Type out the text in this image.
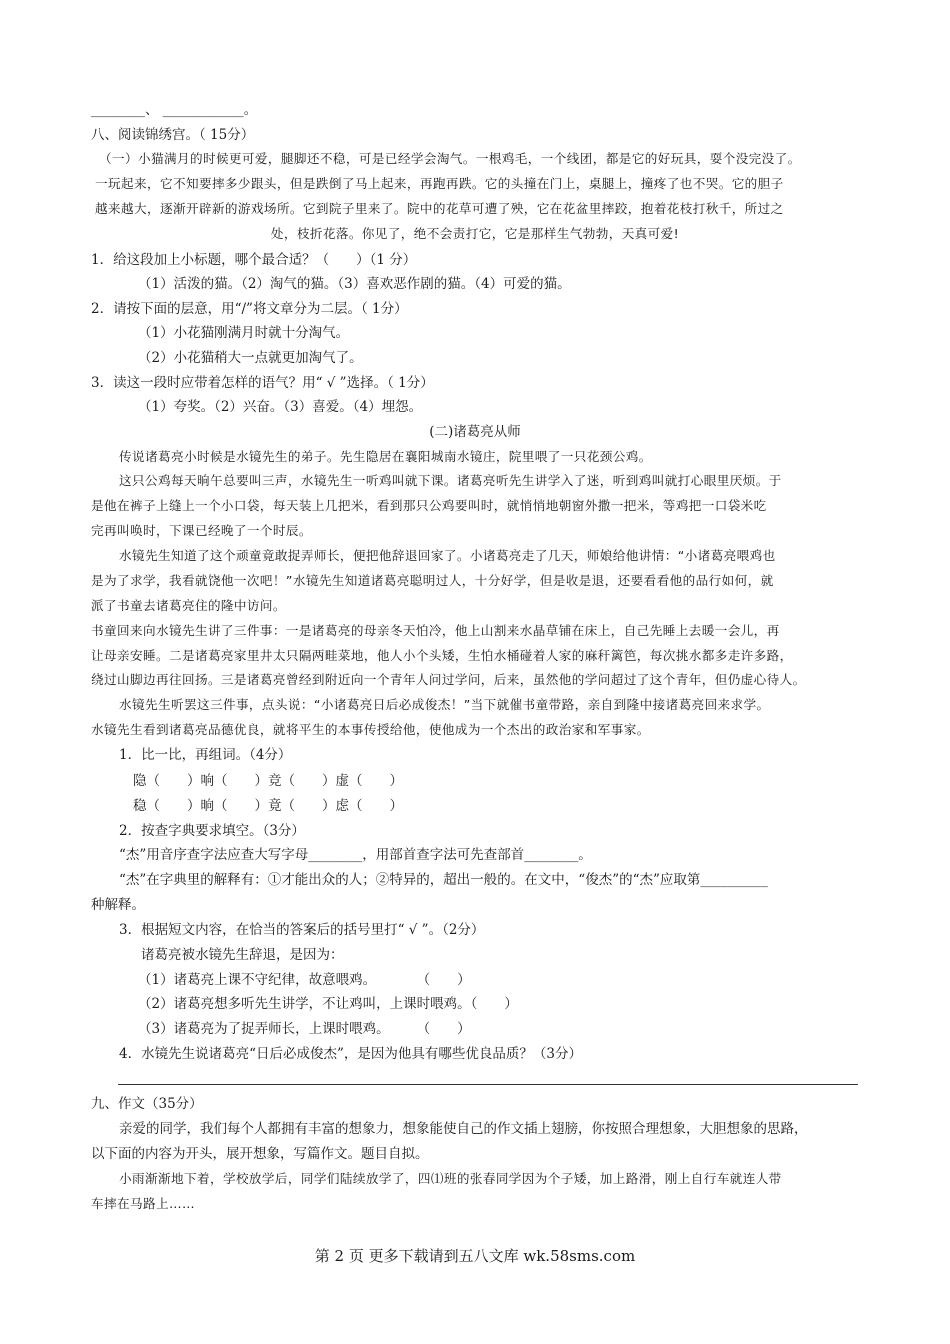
________、 ____________。
八、阅读锦绣宫。（ 15分）
（一）小猫满月的时候更可爱，腿脚还不稳，可是已经学会淘气。一根鸡毛，一个线团，都是它的好玩具，耍个没完没了。
一玩起来，它不知要摔多少跟头，但是跌倒了马上起来，再跑再跌。它的头撞在门上，桌腿上，撞疼了也不哭。它的胆子
越来越大，逐渐开辟新的游戏场所。它到院子里来了。院中的花草可遭了殃，它在花盆里摔跤，抱着花枝打秋千，所过之
处，枝折花落。你见了，绝不会责打它，它是那样生气勃勃，天真可爱!
1．给这段加上小标题，哪个最合适？（　　）（1 分）
（1）活泼的猫。（2）淘气的猫。（3）喜欢恶作剧的猫。（4）可爱的猫。
2．请按下面的层意，用“/”将文章分为二层。（ 1分）
（1）小花猫刚满月时就十分淘气。
（2）小花猫稍大一点就更加淘气了。
3．读这一段时应带着怎样的语气？用“ √ ”选择。（ 1分）
（1）夸奖。（2）兴奋。（3）喜爱。（4）埋怨。
(二)诸葛亮从师
传说诸葛亮小时候是水镜先生的弟子。先生隐居在襄阳城南水镜庄，院里喂了一只花颈公鸡。
这只公鸡每天晌午总要叫三声，水镜先生一听鸡叫就下课。诸葛亮听先生讲学入了迷，听到鸡叫就打心眼里厌烦。于
是他在裤子上缝上一个小口袋，每天装上几把米，看到那只公鸡要叫时，就悄悄地朝窗外撒一把米，等鸡把一口袋米吃
完再叫唤时，下课已经晚了一个时辰。
水镜先生知道了这个顽童竟敢捉弄师长，便把他辞退回家了。小诸葛亮走了几天，师娘给他讲情：“小诸葛亮喂鸡也
是为了求学，我看就饶他一次吧！”水镜先生知道诸葛亮聪明过人，十分好学，但是收是退，还要看看他的品行如何，就
派了书童去诸葛亮住的隆中访问。
书童回来向水镜先生讲了三件事：一是诸葛亮的母亲冬天怕冷，他上山割来水晶草铺在床上，自己先睡上去暖一会儿，再
让母亲安睡。二是诸葛亮家里井太只隔两畦菜地，他人小个头矮，生怕水桶碰着人家的麻秆篱笆，每次挑水都多走许多路，
绕过山脚边再往回扬。三是诸葛亮曾经到附近向一个青年人问过学问，后来，虽然他的学问超过了这个青年，但仍虚心待人。
水镜先生听罢这三件事，点头说：“小诸葛亮日后必成俊杰！”当下就催书童带路，亲自到隆中接诸葛亮回来求学。
水镜先生看到诸葛亮品德优良，就将平生的本事传授给他，使他成为一个杰出的政治家和军事家。
1．比一比，再组词。（4分）
隐（　　）响（　　）竞（　　）虚（　　）
稳（　　）晌（　　）竟（　　）虑（　　）
2．按查字典要求填空。（3分）
“杰”用音序查字法应查大写字母________，用部首查字法可先查部首________。
“杰”在字典里的解释有：①才能出众的人；②特异的，超出一般的。在文中，“俊杰”的“杰”应取第__________
种解释。
3．根据短文内容，在恰当的答案后的括号里打“ √ ”。（2分）
诸葛亮被水镜先生辞退，是因为：
（1）诸葛亮上课不守纪律，故意喂鸡。　　　　（　　）
（2）诸葛亮想多听先生讲学，不让鸡叫，上课时喂鸡。（　　）
（3）诸葛亮为了捉弄师长，上课时喂鸡。　　　（　　）
4．水镜先生说诸葛亮“日后必成俊杰”，是因为他具有哪些优良品质？（3分）
九、作文（35分）
亲爱的同学，我们每个人都拥有丰富的想象力，想象能使自己的作文插上翅膀，你按照合理想象，大胆想象的思路，
以下面的内容为开头，展开想象，写篇作文。题目自拟。
小雨渐渐地下着，学校放学后，同学们陆续放学了，四⑴班的张春同学因为个子矮，加上路滑，刚上自行车就连人带
车摔在马路上……
第 2 页 更多下载请到五八文库 wk.58sms.com
